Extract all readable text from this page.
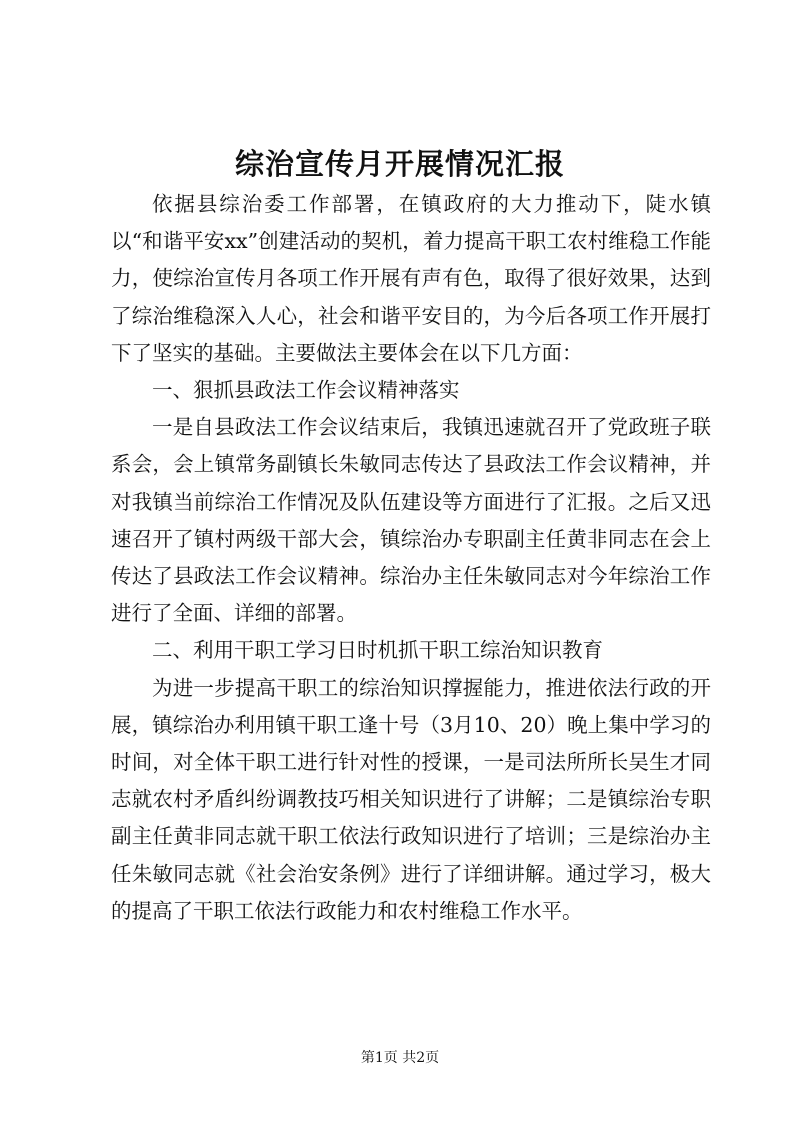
综治宣传月开展情况汇报

依据县综治委工作部署，在镇政府的大力推动下，陡水镇以“和谐平安xx”创建活动的契机，着力提高干职工农村维稳工作能力，使综治宣传月各项工作开展有声有色，取得了很好效果，达到了综治维稳深入人心，社会和谐平安目的，为今后各项工作开展打下了坚实的基础。主要做法主要体会在以下几方面：

一、狠抓县政法工作会议精神落实

一是自县政法工作会议结束后，我镇迅速就召开了党政班子联系会，会上镇常务副镇长朱敏同志传达了县政法工作会议精神，并对我镇当前综治工作情况及队伍建设等方面进行了汇报。之后又迅速召开了镇村两级干部大会，镇综治办专职副主任黄非同志在会上传达了县政法工作会议精神。综治办主任朱敏同志对今年综治工作进行了全面、详细的部署。

二、利用干职工学习日时机抓干职工综治知识教育

为进一步提高干职工的综治知识撑握能力，推进依法行政的开展，镇综治办利用镇干职工逢十号（3月10、20）晚上集中学习的时间，对全体干职工进行针对性的授课，一是司法所所长吴生才同志就农村矛盾纠纷调教技巧相关知识进行了讲解；二是镇综治专职副主任黄非同志就干职工依法行政知识进行了培训；三是综治办主任朱敏同志就《社会治安条例》进行了详细讲解。通过学习，极大的提高了干职工依法行政能力和农村维稳工作水平。

第1页 共2页
